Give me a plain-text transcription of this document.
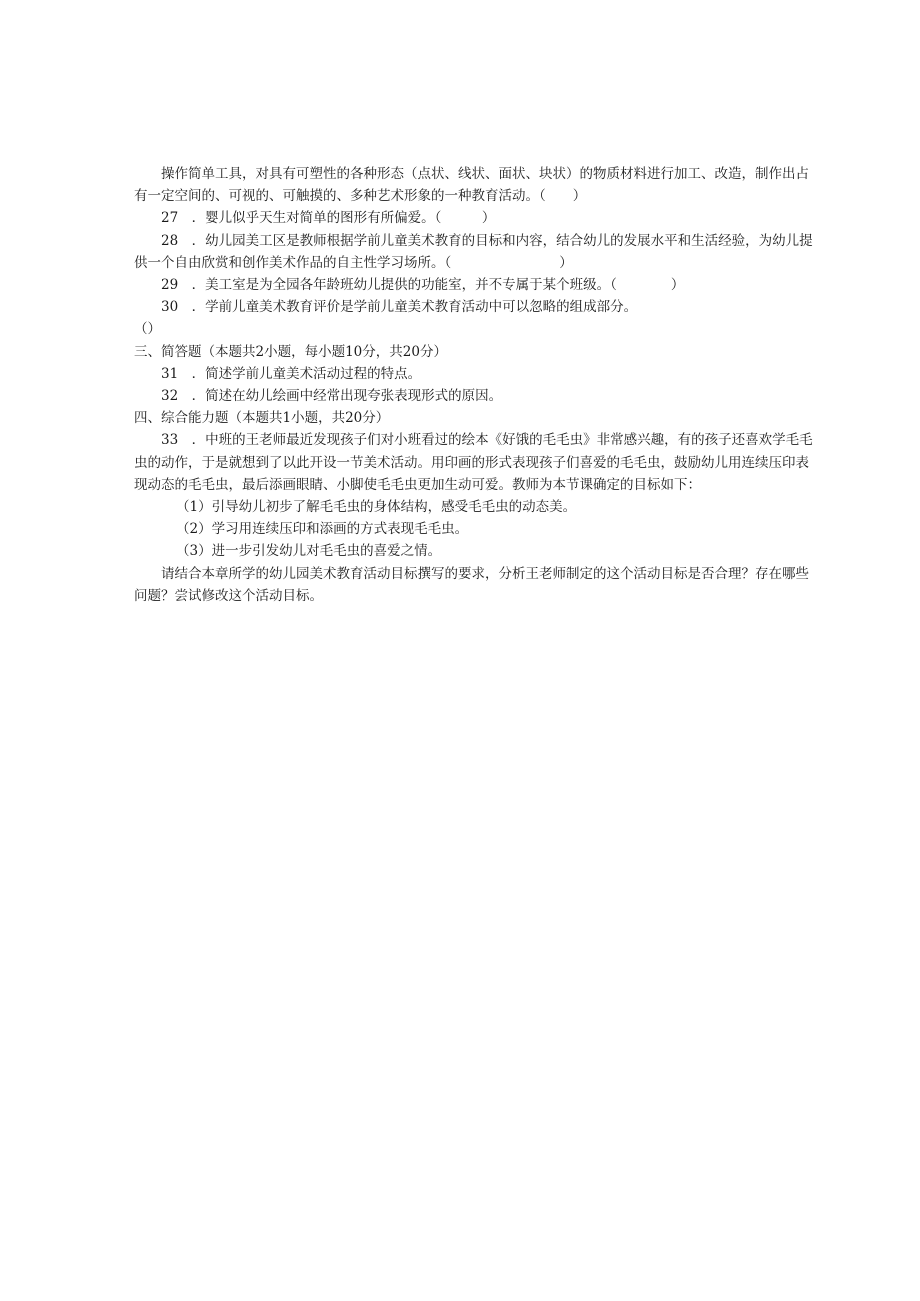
操作简单工具，对具有可塑性的各种形态（点状、线状、面状、块状）的物质材料进行加工、改造，制作出占有一定空间的、可视的、可触摸的、多种艺术形象的一种教育活动。（　　）

27　．婴儿似乎天生对简单的图形有所偏爱。（　　　）

28　．幼儿园美工区是教师根据学前儿童美术教育的目标和内容，结合幼儿的发展水平和生活经验，为幼儿提供一个自由欣赏和创作美术作品的自主性学习场所。（　　　　　　　　）

29　．美工室是为全园各年龄班幼儿提供的功能室，并不专属于某个班级。（　　　　）

30　．学前儿童美术教育评价是学前儿童美术教育活动中可以忽略的组成部分。

（）

三、简答题（本题共2小题，每小题10分，共20分）

31　．简述学前儿童美术活动过程的特点。

32　．简述在幼儿绘画中经常出现夸张表现形式的原因。

四、综合能力题（本题共1小题，共20分）

33　．中班的王老师最近发现孩子们对小班看过的绘本《好饿的毛毛虫》非常感兴趣，有的孩子还喜欢学毛毛虫的动作，于是就想到了以此开设一节美术活动。用印画的形式表现孩子们喜爱的毛毛虫，鼓励幼儿用连续压印表现动态的毛毛虫，最后添画眼睛、小脚使毛毛虫更加生动可爱。教师为本节课确定的目标如下：

（1）引导幼儿初步了解毛毛虫的身体结构，感受毛毛虫的动态美。

（2）学习用连续压印和添画的方式表现毛毛虫。

（3）进一步引发幼儿对毛毛虫的喜爱之情。

请结合本章所学的幼儿园美术教育活动目标撰写的要求，分析王老师制定的这个活动目标是否合理？存在哪些问题？尝试修改这个活动目标。
